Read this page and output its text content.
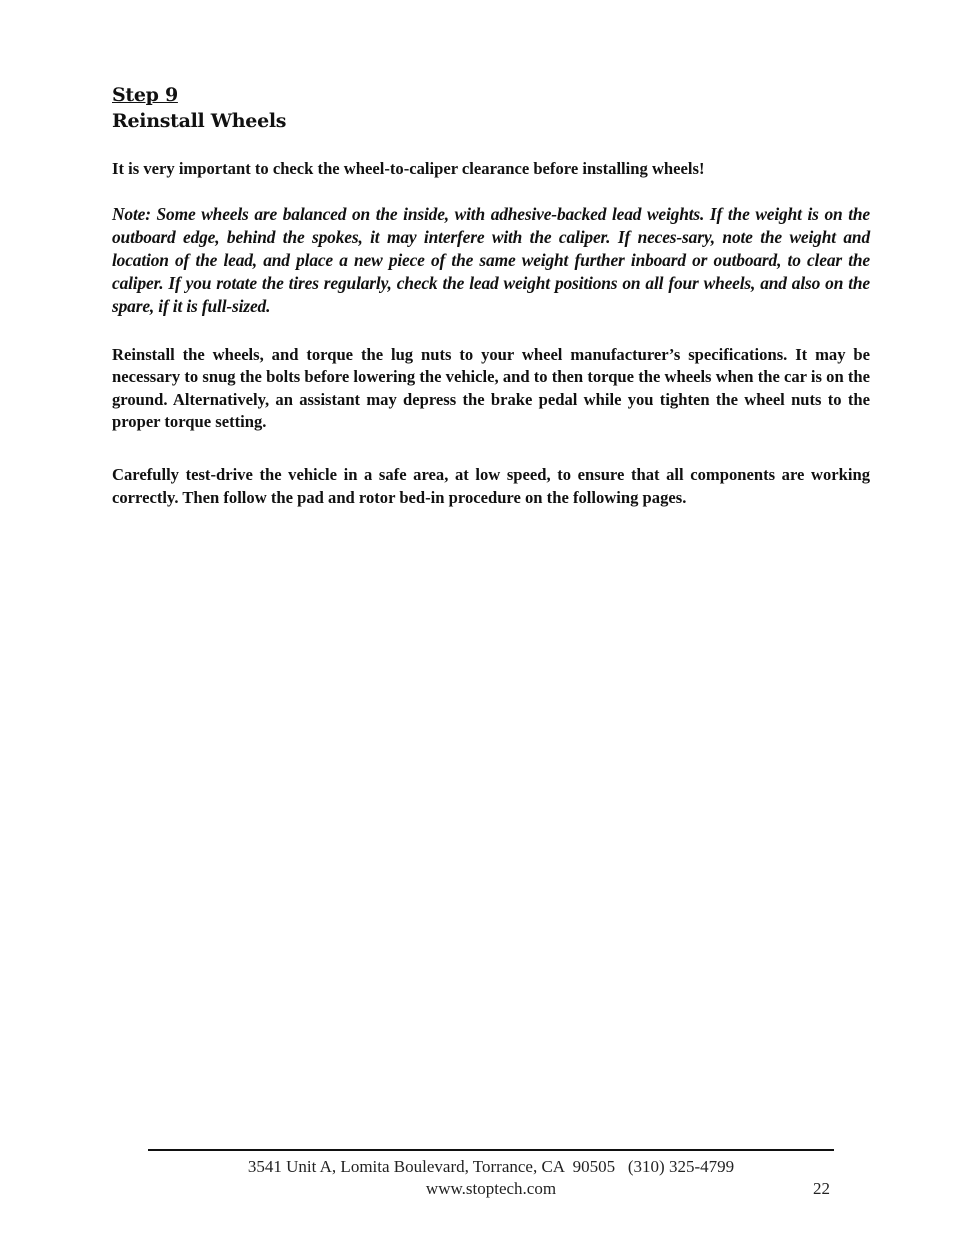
Step 9

Reinstall Wheels

It is very important to check the wheel-to-caliper clearance before installing wheels!

Note: Some wheels are balanced on the inside, with adhesive-backed lead weights. If the weight is on the outboard edge, behind the spokes, it may interfere with the caliper. If neces-sary, note the weight and location of the lead, and place a new piece of the same weight further inboard or outboard, to clear the caliper. If you rotate the tires regularly, check the lead weight positions on all four wheels, and also on the spare, if it is full-sized.

Reinstall the wheels, and torque the lug nuts to your wheel manufacturer’s specifications. It may be necessary to snug the bolts before lowering the vehicle, and to then torque the wheels when the car is on the ground. Alternatively, an assistant may depress the brake pedal while you tighten the wheel nuts to the proper torque setting.

Carefully test-drive the vehicle in a safe area, at low speed, to ensure that all components are working correctly. Then follow the pad and rotor bed-in procedure on the following pages.

3541 Unit A, Lomita Boulevard, Torrance, CA  90505   (310) 325-4799
www.stoptech.com	22
